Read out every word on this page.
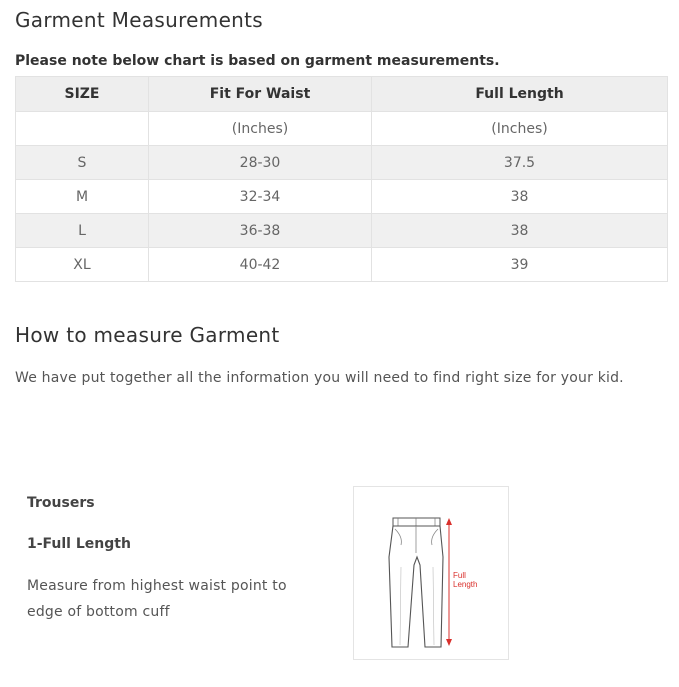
Garment Measurements
Please note below chart is based on garment measurements.
SIZE	Fit For Waist	Full Length
	(Inches)	(Inches)
S	28-30	37.5
M	32-34	38
L	36-38	38
XL	40-42	39
How to measure Garment
We have put together all the information you will need to find right size for your kid.
Trousers
1-Full Length
Measure from highest waist point to edge of bottom cuff
Full
Length
